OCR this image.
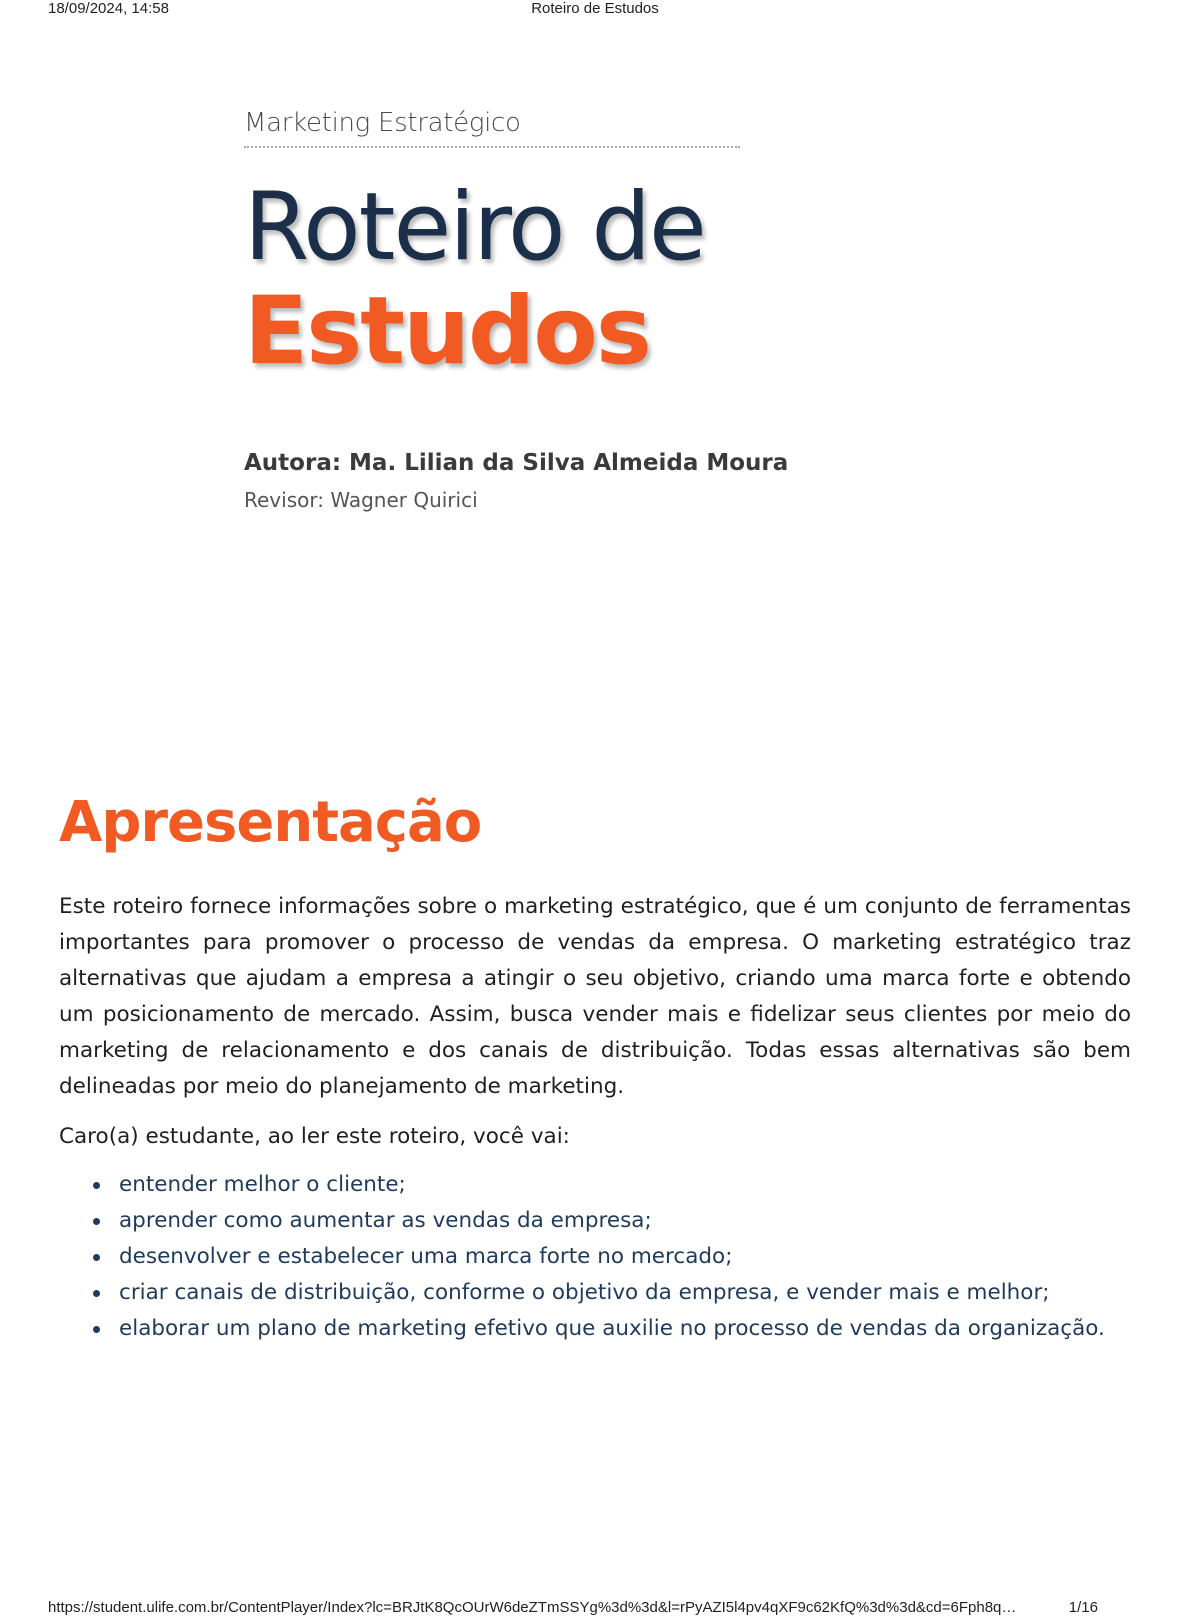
18/09/2024, 14:58	Roteiro de Estudos
Marketing Estratégico
Roteiro de
Estudos
Autora: Ma. Lilian da Silva Almeida Moura
Revisor: Wagner Quirici
Apresentação

Este roteiro fornece informações sobre o marketing estratégico, que é um conjunto de ferramentas importantes para promover o processo de vendas da empresa. O marketing estratégico traz alternativas que ajudam a empresa a atingir o seu objetivo, criando uma marca forte e obtendo um posicionamento de mercado. Assim, busca vender mais e fidelizar seus clientes por meio do marketing de relacionamento e dos canais de distribuição. Todas essas alternativas são bem delineadas por meio do planejamento de marketing.

Caro(a) estudante, ao ler este roteiro, você vai:

entender melhor o cliente;
aprender como aumentar as vendas da empresa;
desenvolver e estabelecer uma marca forte no mercado;
criar canais de distribuição, conforme o objetivo da empresa, e vender mais e melhor;
elaborar um plano de marketing efetivo que auxilie no processo de vendas da organização.
https://student.ulife.com.br/ContentPlayer/Index?lc=BRJtK8QcOUrW6deZTmSSYg%3d%3d&l=rPyAZI5l4pv4qXF9c62KfQ%3d%3d&cd=6Fph8q…	1/16
